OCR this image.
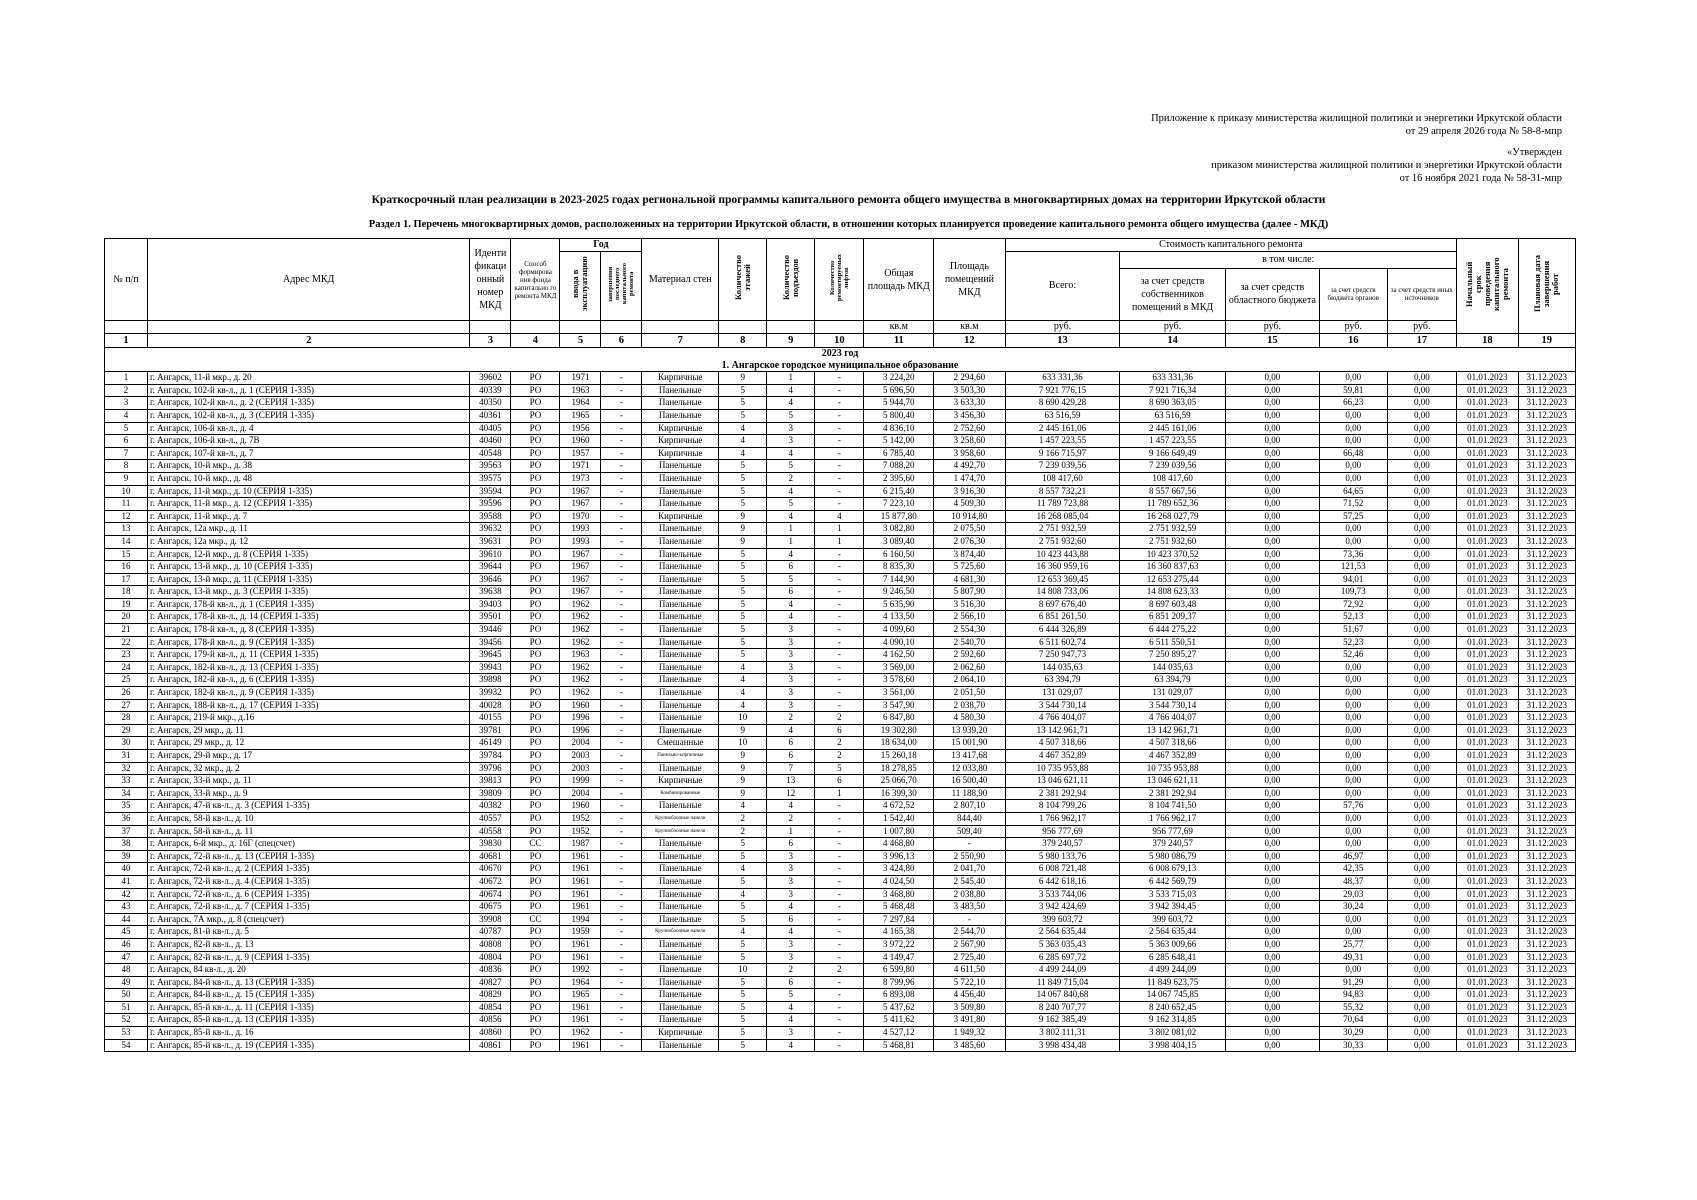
Приложение к приказу министерства жилищной политики и энергетики Иркутской области
от 29 апреля 2026 года № 58-8-мпр
«Утвержден
приказом министерства жилищной политики и энергетики Иркутской области
от 16 ноября 2021 года № 58-31-мпр
Краткосрочный план реализации в 2023-2025 годах региональной программы капитального ремонта общего имущества в многоквартирных домах на территории Иркутской области
Раздел 1. Перечень многоквартирных домов, расположенных на территории Иркутской области, в отношении которых планируется проведение капитального ремонта общего имущества (далее - МКД)
№ п/п	Адрес МКД	Иденти фикаци онный номер МКД	Способ формирова ния фонда капитально го ремонта МКД	Год		Материал стен	Количество этажей	Количество подъездов	Количество ремонтируемых лифтов	Общая площадь МКД	Площадь помещений МКД	Стоимость капитального ремонта					Начальный срок проведения капитального ремонта	Плановая дата завершения работ
				ввода в эксплуатацию	завершения последнего капитального ремонта							Всего:	в том числе:					
													за счет средств собственников помещений в МКД	за счет средств областного бюджета	за счет средств бюджета органов	за счет средств иных источников		
										кв.м	кв.м	руб.	руб.	руб.	руб.	руб.		
1	2	3	4	5	6	7	8	9	10	11	12	13	14	15	16	17	18	19
2023 год																		
1. Ангарское городское муниципальное образование																		
1	г. Ангарск, 11-й мкр., д. 20	39602	РО	1971	-	Кирпичные	9	1	-	3 224,20	2 294,60	633 331,36	633 331,36	0,00	0,00	0,00	01.01.2023	31.12.2023
2	г. Ангарск, 102-й кв-л., д. 1 (СЕРИЯ 1-335)	40339	РО	1963	-	Панельные	5	4	-	5 696,50	3 503,30	7 921 776,15	7 921 716,34	0,00	59,81	0,00	01.01.2023	31.12.2023
3	г. Ангарск, 102-й кв-л., д. 2 (СЕРИЯ 1-335)	40350	РО	1964	-	Панельные	5	4	-	5 944,70	3 633,30	8 690 429,28	8 690 363,05	0,00	66,23	0,00	01.01.2023	31.12.2023
4	г. Ангарск, 102-й кв-л., д. 3 (СЕРИЯ 1-335)	40361	РО	1965	-	Панельные	5	5	-	5 800,40	3 456,30	63 516,59	63 516,59	0,00	0,00	0,00	01.01.2023	31.12.2023
5	г. Ангарск, 106-й кв-л., д. 4	40405	РО	1956	-	Кирпичные	4	3	-	4 836,10	2 752,60	2 445 161,06	2 445 161,06	0,00	0,00	0,00	01.01.2023	31.12.2023
6	г. Ангарск, 106-й кв-л., д. 7В	40460	РО	1960	-	Кирпичные	4	3	-	5 142,00	3 258,60	1 457 223,55	1 457 223,55	0,00	0,00	0,00	01.01.2023	31.12.2023
7	г. Ангарск, 107-й кв-л., д. 7	40548	РО	1957	-	Кирпичные	4	4	-	6 785,40	3 958,60	9 166 715,97	9 166 649,49	0,00	66,48	0,00	01.01.2023	31.12.2023
8	г. Ангарск, 10-й мкр., д. 38	39563	РО	1971	-	Панельные	5	5	-	7 088,20	4 492,70	7 239 039,56	7 239 039,56	0,00	0,00	0,00	01.01.2023	31.12.2023
9	г. Ангарск, 10-й мкр., д. 48	39575	РО	1973	-	Панельные	5	2	-	2 395,60	1 474,70	108 417,60	108 417,60	0,00	0,00	0,00	01.01.2023	31.12.2023
10	г. Ангарск, 11-й мкр., д. 10 (СЕРИЯ 1-335)	39594	РО	1967	-	Панельные	5	4	-	6 215,40	3 916,30	8 557 732,21	8 557 667,56	0,00	64,65	0,00	01.01.2023	31.12.2023
11	г. Ангарск, 11-й мкр., д. 12 (СЕРИЯ 1-335)	39596	РО	1967	-	Панельные	5	5	-	7 223,10	4 509,30	11 789 723,88	11 789 652,36	0,00	71,52	0,00	01.01.2023	31.12.2023
12	г. Ангарск, 11-й мкр., д. 7	39588	РО	1970	-	Кирпичные	9	4	4	15 877,80	10 914,80	16 268 085,04	16 268 027,79	0,00	57,25	0,00	01.01.2023	31.12.2023
13	г. Ангарск, 12а мкр., д. 11	39632	РО	1993	-	Панельные	9	1	1	3 082,80	2 075,50	2 751 932,59	2 751 932,59	0,00	0,00	0,00	01.01.2023	31.12.2023
14	г. Ангарск, 12а мкр., д. 12	39631	РО	1993	-	Панельные	9	1	1	3 089,40	2 076,30	2 751 932,60	2 751 932,60	0,00	0,00	0,00	01.01.2023	31.12.2023
15	г. Ангарск, 12-й мкр., д. 8 (СЕРИЯ 1-335)	39610	РО	1967	-	Панельные	5	4	-	6 160,50	3 874,40	10 423 443,88	10 423 370,52	0,00	73,36	0,00	01.01.2023	31.12.2023
16	г. Ангарск, 13-й мкр., д. 10 (СЕРИЯ 1-335)	39644	РО	1967	-	Панельные	5	6	-	8 835,30	5 725,60	16 360 959,16	16 360 837,63	0,00	121,53	0,00	01.01.2023	31.12.2023
17	г. Ангарск, 13-й мкр., д. 11 (СЕРИЯ 1-335)	39646	РО	1967	-	Панельные	5	5	-	7 144,90	4 681,30	12 653 369,45	12 653 275,44	0,00	94,01	0,00	01.01.2023	31.12.2023
18	г. Ангарск, 13-й мкр., д. 3 (СЕРИЯ 1-335)	39638	РО	1967	-	Панельные	5	6	-	9 246,50	5 807,90	14 808 733,06	14 808 623,33	0,00	109,73	0,00	01.01.2023	31.12.2023
19	г. Ангарск, 178-й кв-л., д. 1 (СЕРИЯ 1-335)	39403	РО	1962	-	Панельные	5	4	-	5 635,90	3 516,30	8 697 676,40	8 697 603,48	0,00	72,92	0,00	01.01.2023	31.12.2023
20	г. Ангарск, 178-й кв-л., д. 14 (СЕРИЯ 1-335)	39501	РО	1962	-	Панельные	5	4	-	4 133,50	2 566,10	6 851 261,50	6 851 209,37	0,00	52,13	0,00	01.01.2023	31.12.2023
21	г. Ангарск, 178-й кв-л., д. 8 (СЕРИЯ 1-335)	39446	РО	1962	-	Панельные	5	3	-	4 099,60	2 554,30	6 444 326,89	6 444 275,22	0,00	51,67	0,00	01.01.2023	31.12.2023
22	г. Ангарск, 178-й кв-л., д. 9 (СЕРИЯ 1-335)	39456	РО	1962	-	Панельные	5	3	-	4 090,10	2 540,70	6 511 602,74	6 511 550,51	0,00	52,23	0,00	01.01.2023	31.12.2023
23	г. Ангарск, 179-й кв-л., д. 11 (СЕРИЯ 1-335)	39645	РО	1963	-	Панельные	5	3	-	4 162,50	2 592,60	7 250 947,73	7 250 895,27	0,00	52,46	0,00	01.01.2023	31.12.2023
24	г. Ангарск, 182-й кв-л., д. 13 (СЕРИЯ 1-335)	39943	РО	1962	-	Панельные	4	3	-	3 569,00	2 062,60	144 035,63	144 035,63	0,00	0,00	0,00	01.01.2023	31.12.2023
25	г. Ангарск, 182-й кв-л., д. 6 (СЕРИЯ 1-335)	39898	РО	1962	-	Панельные	4	3	-	3 578,60	2 064,10	63 394,79	63 394,79	0,00	0,00	0,00	01.01.2023	31.12.2023
26	г. Ангарск, 182-й кв-л., д. 9 (СЕРИЯ 1-335)	39932	РО	1962	-	Панельные	4	3	-	3 561,00	2 051,50	131 029,07	131 029,07	0,00	0,00	0,00	01.01.2023	31.12.2023
27	г. Ангарск, 188-й кв-л., д. 17 (СЕРИЯ 1-335)	40028	РО	1960	-	Панельные	4	3	-	3 547,90	2 038,70	3 544 730,14	3 544 730,14	0,00	0,00	0,00	01.01.2023	31.12.2023
28	г. Ангарск, 219-й мкр., д.16	40155	РО	1996	-	Панельные	10	2	2	6 847,80	4 580,30	4 766 404,07	4 766 404,07	0,00	0,00	0,00	01.01.2023	31.12.2023
29	г. Ангарск, 29 мкр., д. 11	39781	РО	1996	-	Панельные	9	4	6	19 302,80	13 939,20	13 142 961,71	13 142 961,71	0,00	0,00	0,00	01.01.2023	31.12.2023
30	г. Ангарск, 29 мкр., д. 12	46149	РО	2004	-	Смешанные	10	6	2	18 634,00	15 001,90	4 507 318,66	4 507 318,66	0,00	0,00	0,00	01.01.2023	31.12.2023
31	г. Ангарск, 29-й мкр., д. 17	39784	РО	2003	-	Панельно-кирпичные	9	6	2	15 260,18	13 417,68	4 467 352,89	4 467 352,89	0,00	0,00	0,00	01.01.2023	31.12.2023
32	г. Ангарск, 32 мкр., д. 2	39796	РО	2003	-	Панельные	9	7	5	18 278,85	12 033,80	10 735 953,88	10 735 953,88	0,00	0,00	0,00	01.01.2023	31.12.2023
33	г. Ангарск, 33-й мкр., д. 11	39813	РО	1999	-	Кирпичные	9	13	6	25 066,70	16 500,40	13 046 621,11	13 046 621,11	0,00	0,00	0,00	01.01.2023	31.12.2023
34	г. Ангарск, 33-й мкр., д. 9	39809	РО	2004	-	Комбинированные	9	12	1	16 399,30	11 188,90	2 381 292,94	2 381 292,94	0,00	0,00	0,00	01.01.2023	31.12.2023
35	г. Ангарск, 47-й кв-л., д. 3 (СЕРИЯ 1-335)	40382	РО	1960	-	Панельные	4	4	-	4 672,52	2 807,10	8 104 799,26	8 104 741,50	0,00	57,76	0,00	01.01.2023	31.12.2023
36	г. Ангарск, 58-й кв-л., д. 10	40557	РО	1952	-	Крупноблочные панели	2	2	-	1 542,40	844,40	1 766 962,17	1 766 962,17	0,00	0,00	0,00	01.01.2023	31.12.2023
37	г. Ангарск, 58-й кв-л., д. 11	40558	РО	1952	-	Крупноблочные панели	2	1	-	1 007,80	509,40	956 777,69	956 777,69	0,00	0,00	0,00	01.01.2023	31.12.2023
38	г. Ангарск, 6-й мкр., д. 16Г (спецсчет)	39830	СС	1987	-	Панельные	5	6	-	4 468,80	-	379 240,57	379 240,57	0,00	0,00	0,00	01.01.2023	31.12.2023
39	г. Ангарск, 72-й кв-л., д. 13 (СЕРИЯ 1-335)	40681	РО	1961	-	Панельные	5	3	-	3 996,13	2 550,90	5 980 133,76	5 980 086,79	0,00	46,97	0,00	01.01.2023	31.12.2023
40	г. Ангарск, 72-й кв-л., д. 2 (СЕРИЯ 1-335)	40670	РО	1961	-	Панельные	4	3	-	3 424,80	2 041,70	6 008 721,48	6 008 679,13	0,00	42,35	0,00	01.01.2023	31.12.2023
41	г. Ангарск, 72-й кв-л., д. 4 (СЕРИЯ 1-335)	40672	РО	1961	-	Панельные	5	3	-	4 024,50	2 545,40	6 442 618,16	6 442 569,79	0,00	48,37	0,00	01.01.2023	31.12.2023
42	г. Ангарск, 72-й кв-л., д. 6 (СЕРИЯ 1-335)	40674	РО	1961	-	Панельные	4	3	-	3 468,80	2 038,80	3 533 744,06	3 533 715,03	0,00	29,03	0,00	01.01.2023	31.12.2023
43	г. Ангарск, 72-й кв-л., д. 7 (СЕРИЯ 1-335)	40675	РО	1961	-	Панельные	5	4	-	5 468,48	3 483,50	3 942 424,69	3 942 394,45	0,00	30,24	0,00	01.01.2023	31.12.2023
44	г. Ангарск, 7А мкр., д. 8 (спецсчет)	39908	СС	1994	-	Панельные	5	6	-	7 297,84	-	399 603,72	399 603,72	0,00	0,00	0,00	01.01.2023	31.12.2023
45	г. Ангарск, 81-й кв-л., д. 5	40787	РО	1959	-	Крупноблочные панели	4	4	-	4 165,38	2 544,70	2 564 635,44	2 564 635,44	0,00	0,00	0,00	01.01.2023	31.12.2023
46	г. Ангарск, 82-й кв-л., д. 13	40808	РО	1961	-	Панельные	5	3	-	3 972,22	2 567,90	5 363 035,43	5 363 009,66	0,00	25,77	0,00	01.01.2023	31.12.2023
47	г. Ангарск, 82-й кв-л., д. 9 (СЕРИЯ 1-335)	40804	РО	1961	-	Панельные	5	3	-	4 149,47	2 725,40	6 285 697,72	6 285 648,41	0,00	49,31	0,00	01.01.2023	31.12.2023
48	г. Ангарск, 84 кв-л., д. 20	40836	РО	1992	-	Панельные	10	2	2	6 599,80	4 611,50	4 499 244,09	4 499 244,09	0,00	0,00	0,00	01.01.2023	31.12.2023
49	г. Ангарск, 84-й кв-л., д. 13 (СЕРИЯ 1-335)	40827	РО	1964	-	Панельные	5	6	-	8 799,96	5 722,10	11 849 715,04	11 849 623,75	0,00	91,29	0,00	01.01.2023	31.12.2023
50	г. Ангарск, 84-й кв-л., д. 15 (СЕРИЯ 1-335)	40829	РО	1965	-	Панельные	5	5	-	6 893,08	4 456,40	14 067 840,68	14 067 745,85	0,00	94,83	0,00	01.01.2023	31.12.2023
51	г. Ангарск, 85-й кв-л., д. 11 (СЕРИЯ 1-335)	40854	РО	1961	-	Панельные	5	4	-	5 437,62	3 509,80	8 240 707,77	8 240 652,45	0,00	55,32	0,00	01.01.2023	31.12.2023
52	г. Ангарск, 85-й кв-л., д. 13 (СЕРИЯ 1-335)	40856	РО	1961	-	Панельные	5	4	-	5 411,62	3 491,80	9 162 385,49	9 162 314,85	0,00	70,64	0,00	01.01.2023	31.12.2023
53	г. Ангарск, 85-й кв-л., д. 16	40860	РО	1962	-	Кирпичные	5	3	-	4 527,12	1 949,32	3 802 111,31	3 802 081,02	0,00	30,29	0,00	01.01.2023	31.12.2023
54	г. Ангарск, 85-й кв-л., д. 19 (СЕРИЯ 1-335)	40861	РО	1961	-	Панельные	5	4	-	5 468,81	3 485,60	3 998 434,48	3 998 404,15	0,00	30,33	0,00	01.01.2023	31.12.2023
